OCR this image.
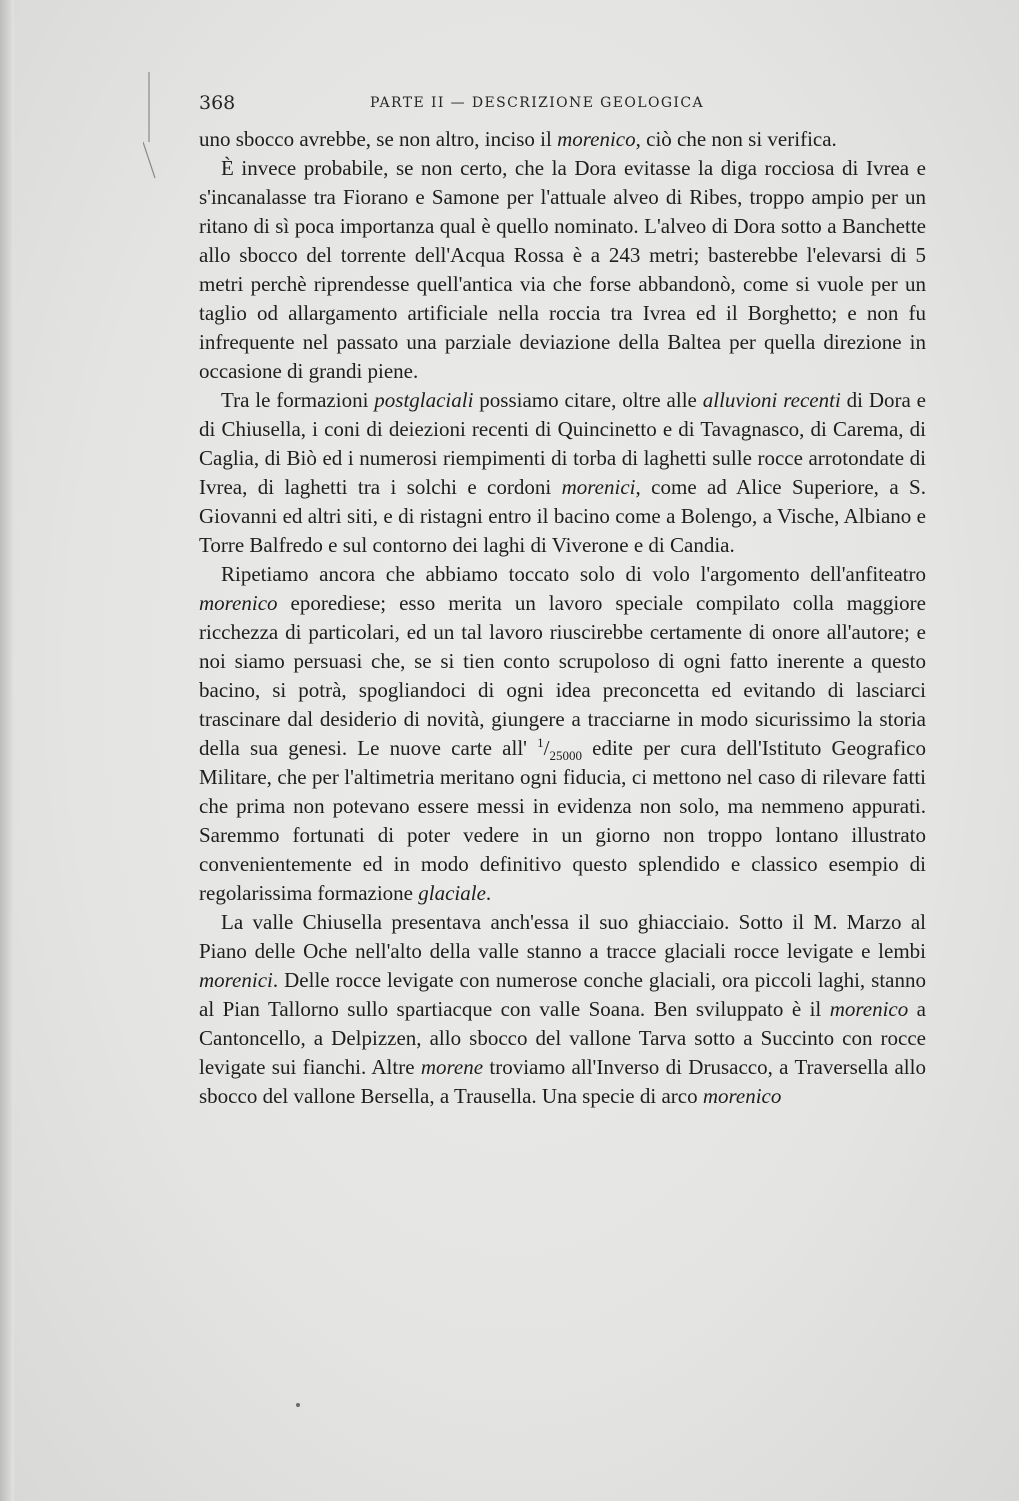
368	PARTE II — DESCRIZIONE GEOLOGICA

uno sbocco avrebbe, se non altro, inciso il morenico, ciò che non si verifica.

È invece probabile, se non certo, che la Dora evitasse la diga rocciosa di Ivrea e s'incanalasse tra Fiorano e Samone per l'attuale alveo di Ribes, troppo ampio per un ritano di sì poca importanza qual è quello nominato. L'alveo di Dora sotto a Banchette allo sbocco del torrente dell'Acqua Rossa è a 243 metri; basterebbe l'elevarsi di 5 metri perchè riprendesse quell'antica via che forse abbandonò, come si vuole per un taglio od allargamento artificiale nella roccia tra Ivrea ed il Borghetto; e non fu infrequente nel passato una parziale deviazione della Baltea per quella direzione in occasione di grandi piene.

Tra le formazioni postglaciali possiamo citare, oltre alle alluvioni recenti di Dora e di Chiusella, i coni di deiezioni recenti di Quincinetto e di Tavagnasco, di Carema, di Caglia, di Biò ed i numerosi riempimenti di torba di laghetti sulle rocce arrotondate di Ivrea, di laghetti tra i solchi e cordoni morenici, come ad Alice Superiore, a S. Giovanni ed altri siti, e di ristagni entro il bacino come a Bolengo, a Vische, Albiano e Torre Balfredo e sul contorno dei laghi di Viverone e di Candia.

Ripetiamo ancora che abbiamo toccato solo di volo l'argomento dell'anfiteatro morenico eporediese; esso merita un lavoro speciale compilato colla maggiore ricchezza di particolari, ed un tal lavoro riuscirebbe certamente di onore all'autore; e noi siamo persuasi che, se si tien conto scrupoloso di ogni fatto inerente a questo bacino, si potrà, spogliandoci di ogni idea preconcetta ed evitando di lasciarci trascinare dal desiderio di novità, giungere a tracciarne in modo sicurissimo la storia della sua genesi. Le nuove carte all' $^1/_{25000}$ edite per cura dell'Istituto Geografico Militare, che per l'altimetria meritano ogni fiducia, ci mettono nel caso di rilevare fatti che prima non potevano essere messi in evidenza non solo, ma nemmeno appurati. Saremmo fortunati di poter vedere in un giorno non troppo lontano illustrato convenientemente ed in modo definitivo questo splendido e classico esempio di regolarissima formazione glaciale.

La valle Chiusella presentava anch'essa il suo ghiacciaio. Sotto il M. Marzo al Piano delle Oche nell'alto della valle stanno a tracce glaciali rocce levigate e lembi morenici. Delle rocce levigate con numerose conche glaciali, ora piccoli laghi, stanno al Pian Tallorno sullo spartiacque con valle Soana. Ben sviluppato è il morenico a Cantoncello, a Delpizzen, allo sbocco del vallone Tarva sotto a Succinto con rocce levigate sui fianchi. Altre morene troviamo all'Inverso di Drusacco, a Traversella allo sbocco del vallone Bersella, a Trausella. Una specie di arco morenico
